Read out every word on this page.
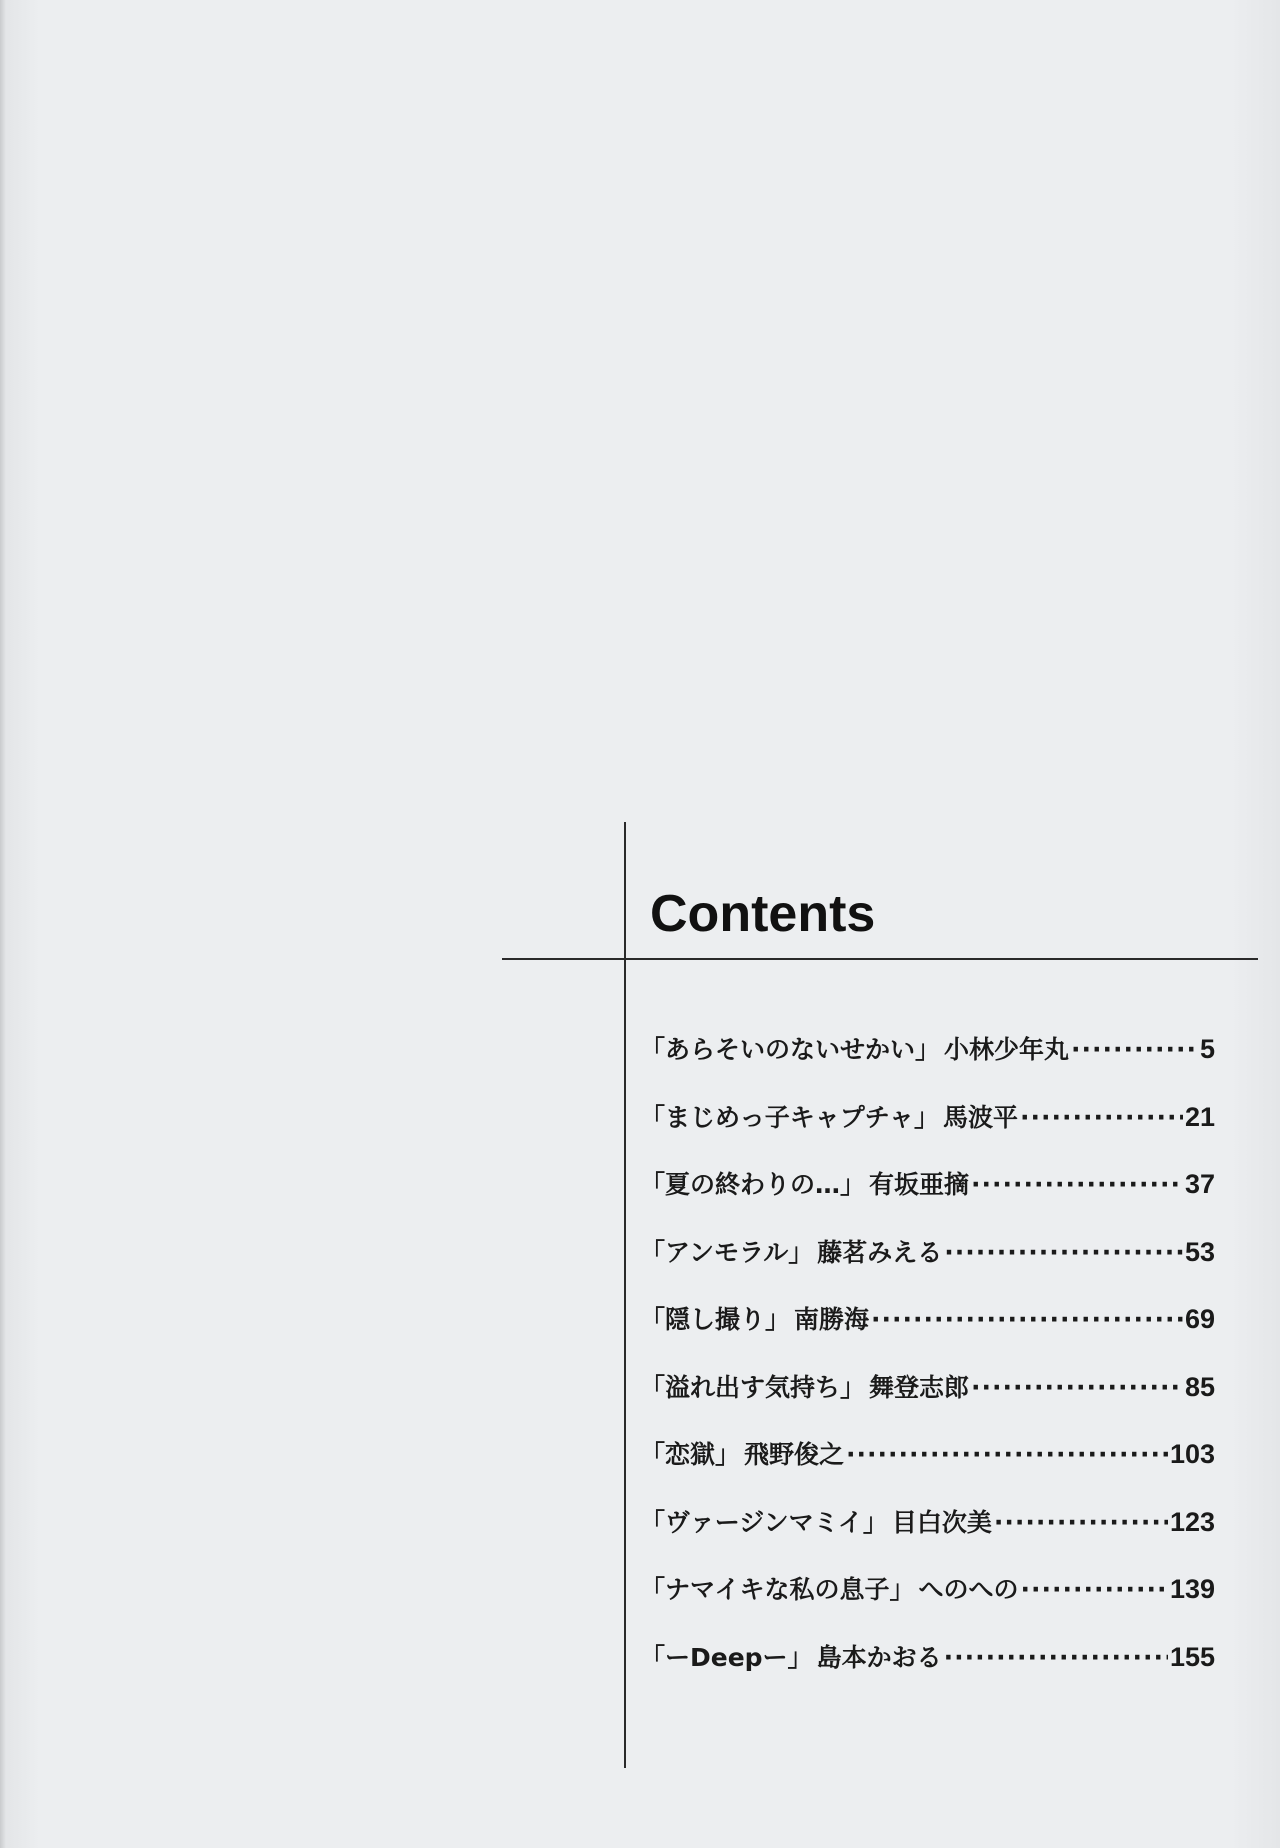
Contents
「あらそいのないせかい」 小林少年丸 ·····	5
「まじめっ子キャプチャ」 馬波平 ·····	21
「夏の終わりの…」 有坂亜摘 ·····	37
「アンモラル」 藤茗みえる ·····	53
「隠し撮り」 南勝海 ·····	69
「溢れ出す気持ち」 舞登志郎 ·····	85
「恋獄」 飛野俊之 ·····	103
「ヴァージンマミイ」 目白次美 ·····	123
「ナマイキな私の息子」 へのへの ·····	139
「ーDeepー」 島本かおる ·····	155
